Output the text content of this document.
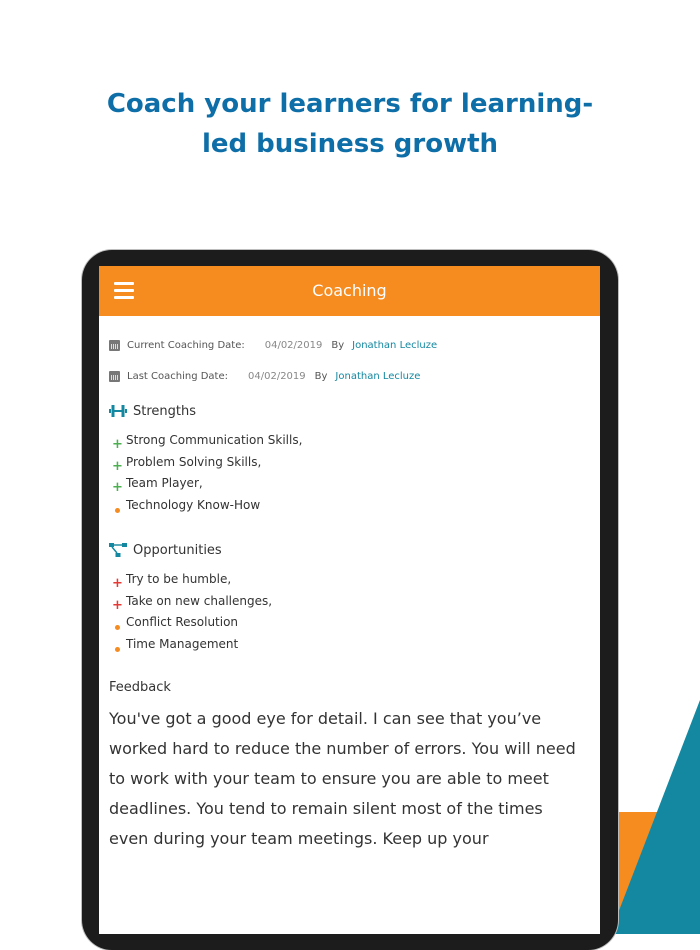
Coach your learners for learning-
led business growth
Coaching
Current Coaching Date: 04/02/2019 By Jonathan Lecluze
Last Coaching Date: 04/02/2019 By Jonathan Lecluze
Strengths
+ Strong Communication Skills,
+ Problem Solving Skills,
+ Team Player,
Technology Know-How
Opportunities
+ Try to be humble,
+ Take on new challenges,
Conflict Resolution
Time Management
Feedback
You've got a good eye for detail. I can see that you’ve worked hard to reduce the number of errors. You will need to work with your team to ensure you are able to meet deadlines. You tend to remain silent most of the times even during your team meetings. Keep up your
